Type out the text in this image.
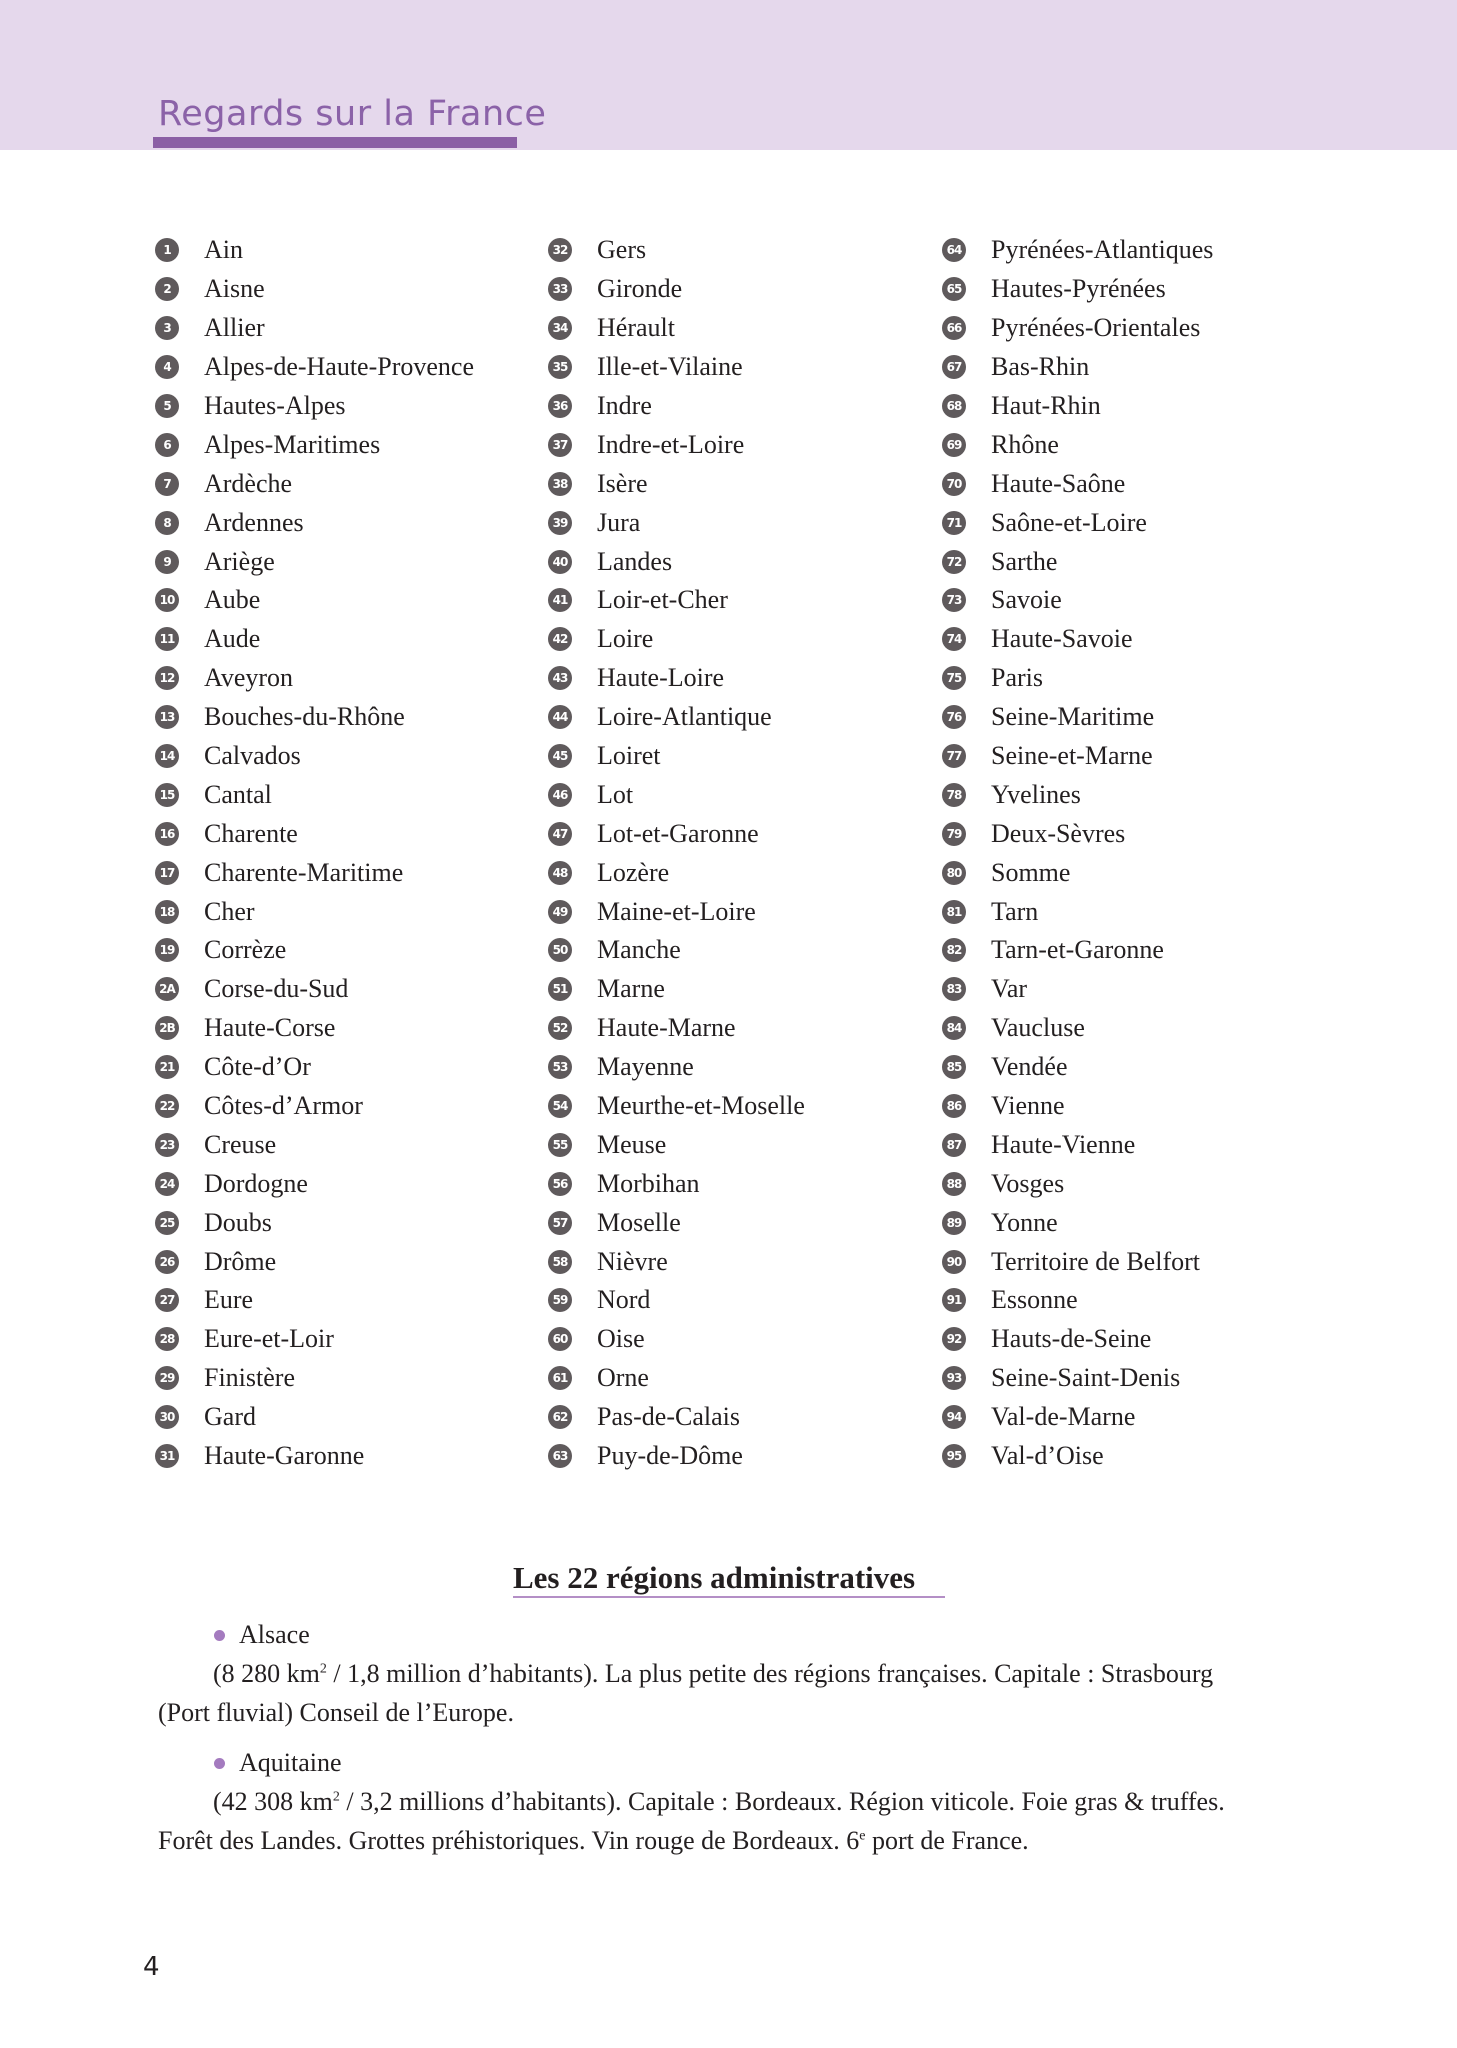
Regards sur la France
1	Ain
2	Aisne
3	Allier
4	Alpes-de-Haute-Provence
5	Hautes-Alpes
6	Alpes-Maritimes
7	Ardèche
8	Ardennes
9	Ariège
10 Aube
11 Aude
12 Aveyron
13 Bouches-du-Rhône
14 Calvados
15 Cantal
16 Charente
17 Charente-Maritime
18 Cher
19 Corrèze
2A Corse-du-Sud
2B Haute-Corse
21 Côte-d’Or
22 Côtes-d’Armor
23 Creuse
24 Dordogne
25 Doubs
26 Drôme
27 Eure
28 Eure-et-Loir
29 Finistère
30 Gard
31 Haute-Garonne
32 Gers
33 Gironde
34 Hérault
35 Ille-et-Vilaine
36 Indre
37 Indre-et-Loire
38 Isère
39 Jura
40 Landes
41 Loir-et-Cher
42 Loire
43 Haute-Loire
44 Loire-Atlantique
45 Loiret
46 Lot
47 Lot-et-Garonne
48 Lozère
49 Maine-et-Loire
50 Manche
51 Marne
52 Haute-Marne
53 Mayenne
54 Meurthe-et-Moselle
55 Meuse
56 Morbihan
57 Moselle
58 Nièvre
59 Nord
60 Oise
61 Orne
62 Pas-de-Calais
63 Puy-de-Dôme
64 Pyrénées-Atlantiques
65 Hautes-Pyrénées
66 Pyrénées-Orientales
67 Bas-Rhin
68 Haut-Rhin
69 Rhône
70 Haute-Saône
71 Saône-et-Loire
72 Sarthe
73 Savoie
74 Haute-Savoie
75 Paris
76 Seine-Maritime
77 Seine-et-Marne
78 Yvelines
79 Deux-Sèvres
80 Somme
81 Tarn
82 Tarn-et-Garonne
83 Var
84 Vaucluse
85 Vendée
86 Vienne
87 Haute-Vienne
88 Vosges
89 Yonne
90 Territoire de Belfort
91 Essonne
92 Hauts-de-Seine
93 Seine-Saint-Denis
94 Val-de-Marne
95 Val-d’Oise
Les 22 régions administratives
Alsace

(8 280 $km^2 / 1,8$ million d’habitants). La plus petite des régions françaises. Capitale : Strasbourg

(Port fluvial) Conseil de l’Europe.

Aquitaine

(42 308 $km^2 / 3,2$ millions d’habitants). Capitale : Bordeaux. Région viticole. Foie gras & truffes.

Forêt des Landes. Grottes préhistoriques. Vin rouge de Bordeaux. 6e port de France.

4
